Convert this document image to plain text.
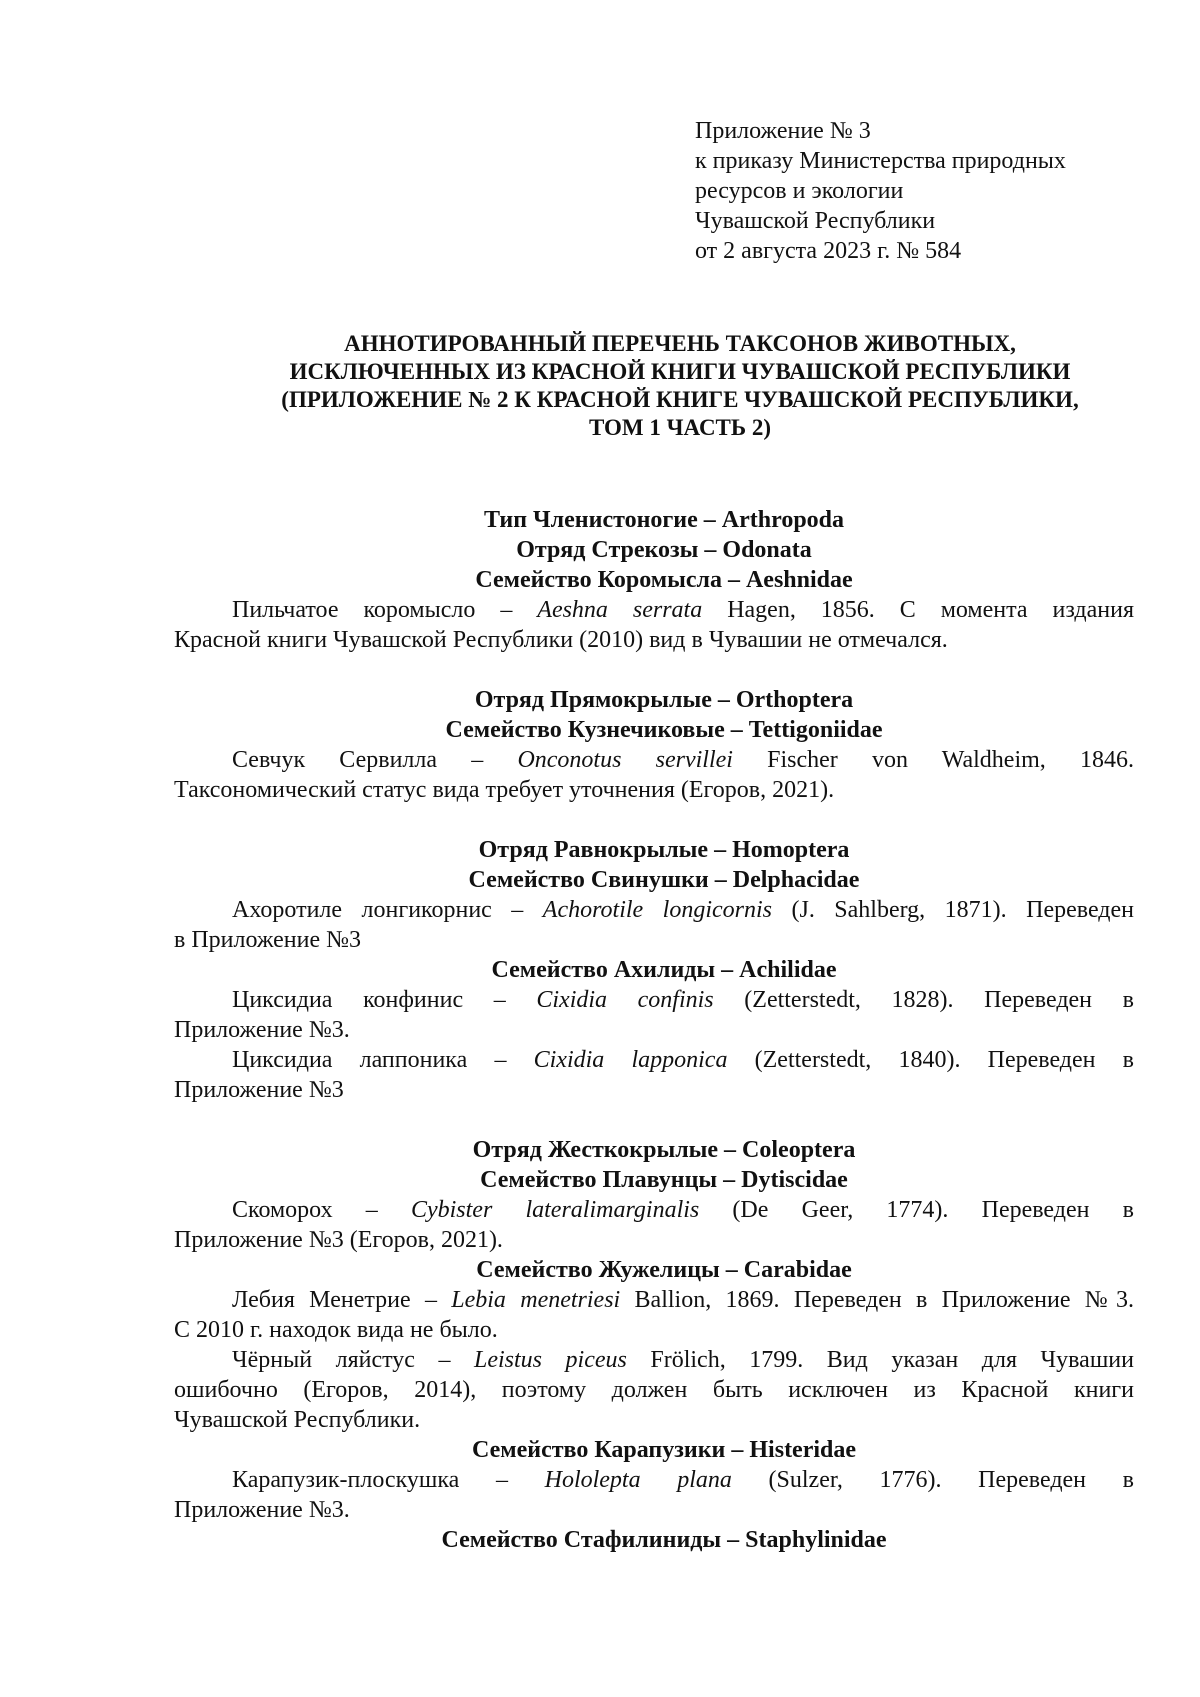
Приложение № 3
к приказу Министерства природных
ресурсов и экологии
Чувашской Республики
от 2 августа 2023 г. № 584
АННОТИРОВАННЫЙ ПЕРЕЧЕНЬ ТАКСОНОВ ЖИВОТНЫХ,
ИСКЛЮЧЕННЫХ ИЗ КРАСНОЙ КНИГИ ЧУВАШСКОЙ РЕСПУБЛИКИ
(ПРИЛОЖЕНИЕ № 2 К КРАСНОЙ КНИГЕ ЧУВАШСКОЙ РЕСПУБЛИКИ,
ТОМ 1 ЧАСТЬ 2)

Тип Членистоногие – Arthropoda

Отряд Стрекозы – Odonata

Семейство Коромысла – Aeshnidae

Пильчатое коромысло – Aeshna serrata Hagen, 1856. С момента издания
Красной книги Чувашской Республики (2010) вид в Чувашии не отмечался.

Отряд Прямокрылые – Orthoptera

Семейство Кузнечиковые – Tettigoniidae

Севчук Сервилла – Onconotus servillei Fischer von Waldheim, 1846.
Таксономический статус вида требует уточнения (Егоров, 2021).

Отряд Равнокрылые – Homoptera

Семейство Свинушки – Delphacidae

Ахоротиле лонгикорнис – Achorotile longicornis (J. Sahlberg, 1871). Переведен
в Приложение №3

Семейство Ахилиды – Achilidae

Циксидиа конфинис – Cixidia confinis (Zetterstedt, 1828). Переведен в
Приложение №3.
Циксидиа лаппоника – Cixidia lapponica (Zetterstedt, 1840). Переведен в
Приложение №3

Отряд Жесткокрылые – Coleoptera

Семейство Плавунцы – Dytiscidae

Скоморох – Cybister lateralimarginalis (De Geer, 1774). Переведен в
Приложение №3 (Егоров, 2021).

Семейство Жужелицы – Carabidae

Лебия Менетрие – Lebia menetriesi Ballion, 1869. Переведен в Приложение №3.
С 2010 г. находок вида не было.
Чёрный ляйстус – Leistus piceus Frölich, 1799. Вид указан для Чувашии
ошибочно (Егоров, 2014), поэтому должен быть исключен из Красной книги
Чувашской Республики.

Семейство Карапузики – Histeridae

Карапузик-плоскушка – Hololepta plana (Sulzer, 1776). Переведен в
Приложение №3.

Семейство Стафилиниды – Staphylinidae
